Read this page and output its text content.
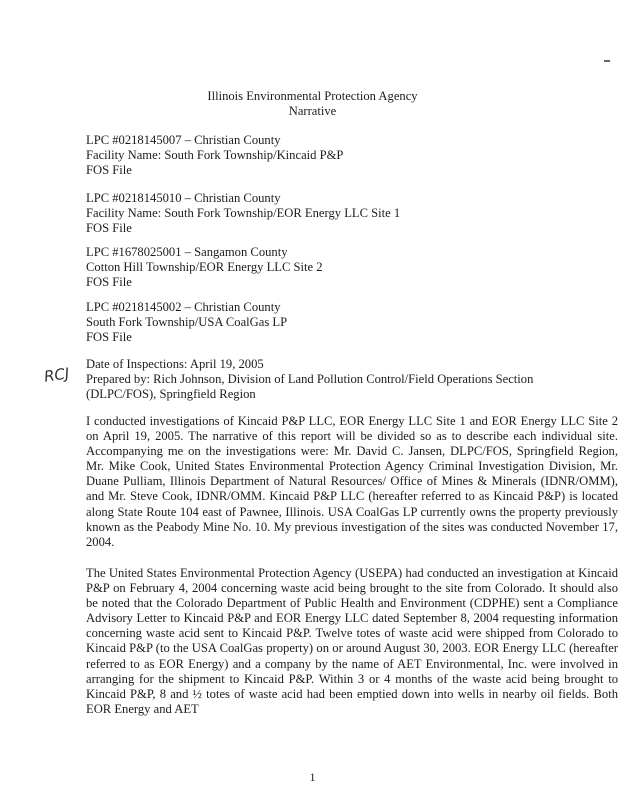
Illinois Environmental Protection Agency
Narrative
LPC #0218145007 – Christian County
Facility Name: South Fork Township/Kincaid P&P
FOS File
LPC #0218145010 – Christian County
Facility Name: South Fork Township/EOR Energy LLC Site 1
FOS File
LPC #1678025001 – Sangamon County
Cotton Hill Township/EOR Energy LLC Site 2
FOS File
LPC #0218145002 – Christian County
South Fork Township/USA CoalGas LP
FOS File
Date of Inspections: April 19, 2005
Prepared by: Rich Johnson, Division of Land Pollution Control/Field Operations Section
(DLPC/FOS), Springfield Region
RCJ
I conducted investigations of Kincaid P&P LLC, EOR Energy LLC Site 1 and EOR Energy LLC Site 2 on April 19, 2005. The narrative of this report will be divided so as to describe each individual site. Accompanying me on the investigations were: Mr. David C. Jansen, DLPC/FOS, Springfield Region, Mr. Mike Cook, United States Environmental Protection Agency Criminal Investigation Division, Mr. Duane Pulliam, Illinois Department of Natural Resources/ Office of Mines & Minerals (IDNR/OMM), and Mr. Steve Cook, IDNR/OMM. Kincaid P&P LLC (hereafter referred to as Kincaid P&P) is located along State Route 104 east of Pawnee, Illinois. USA CoalGas LP currently owns the property previously known as the Peabody Mine No. 10. My previous investigation of the sites was conducted November 17, 2004.
The United States Environmental Protection Agency (USEPA) had conducted an investigation at Kincaid P&P on February 4, 2004 concerning waste acid being brought to the site from Colorado. It should also be noted that the Colorado Department of Public Health and Environment (CDPHE) sent a Compliance Advisory Letter to Kincaid P&P and EOR Energy LLC dated September 8, 2004 requesting information concerning waste acid sent to Kincaid P&P. Twelve totes of waste acid were shipped from Colorado to Kincaid P&P (to the USA CoalGas property) on or around August 30, 2003. EOR Energy LLC (hereafter referred to as EOR Energy) and a company by the name of AET Environmental, Inc. were involved in arranging for the shipment to Kincaid P&P. Within 3 or 4 months of the waste acid being brought to Kincaid P&P, 8 and ½ totes of waste acid had been emptied down into wells in nearby oil fields. Both EOR Energy and AET
1
